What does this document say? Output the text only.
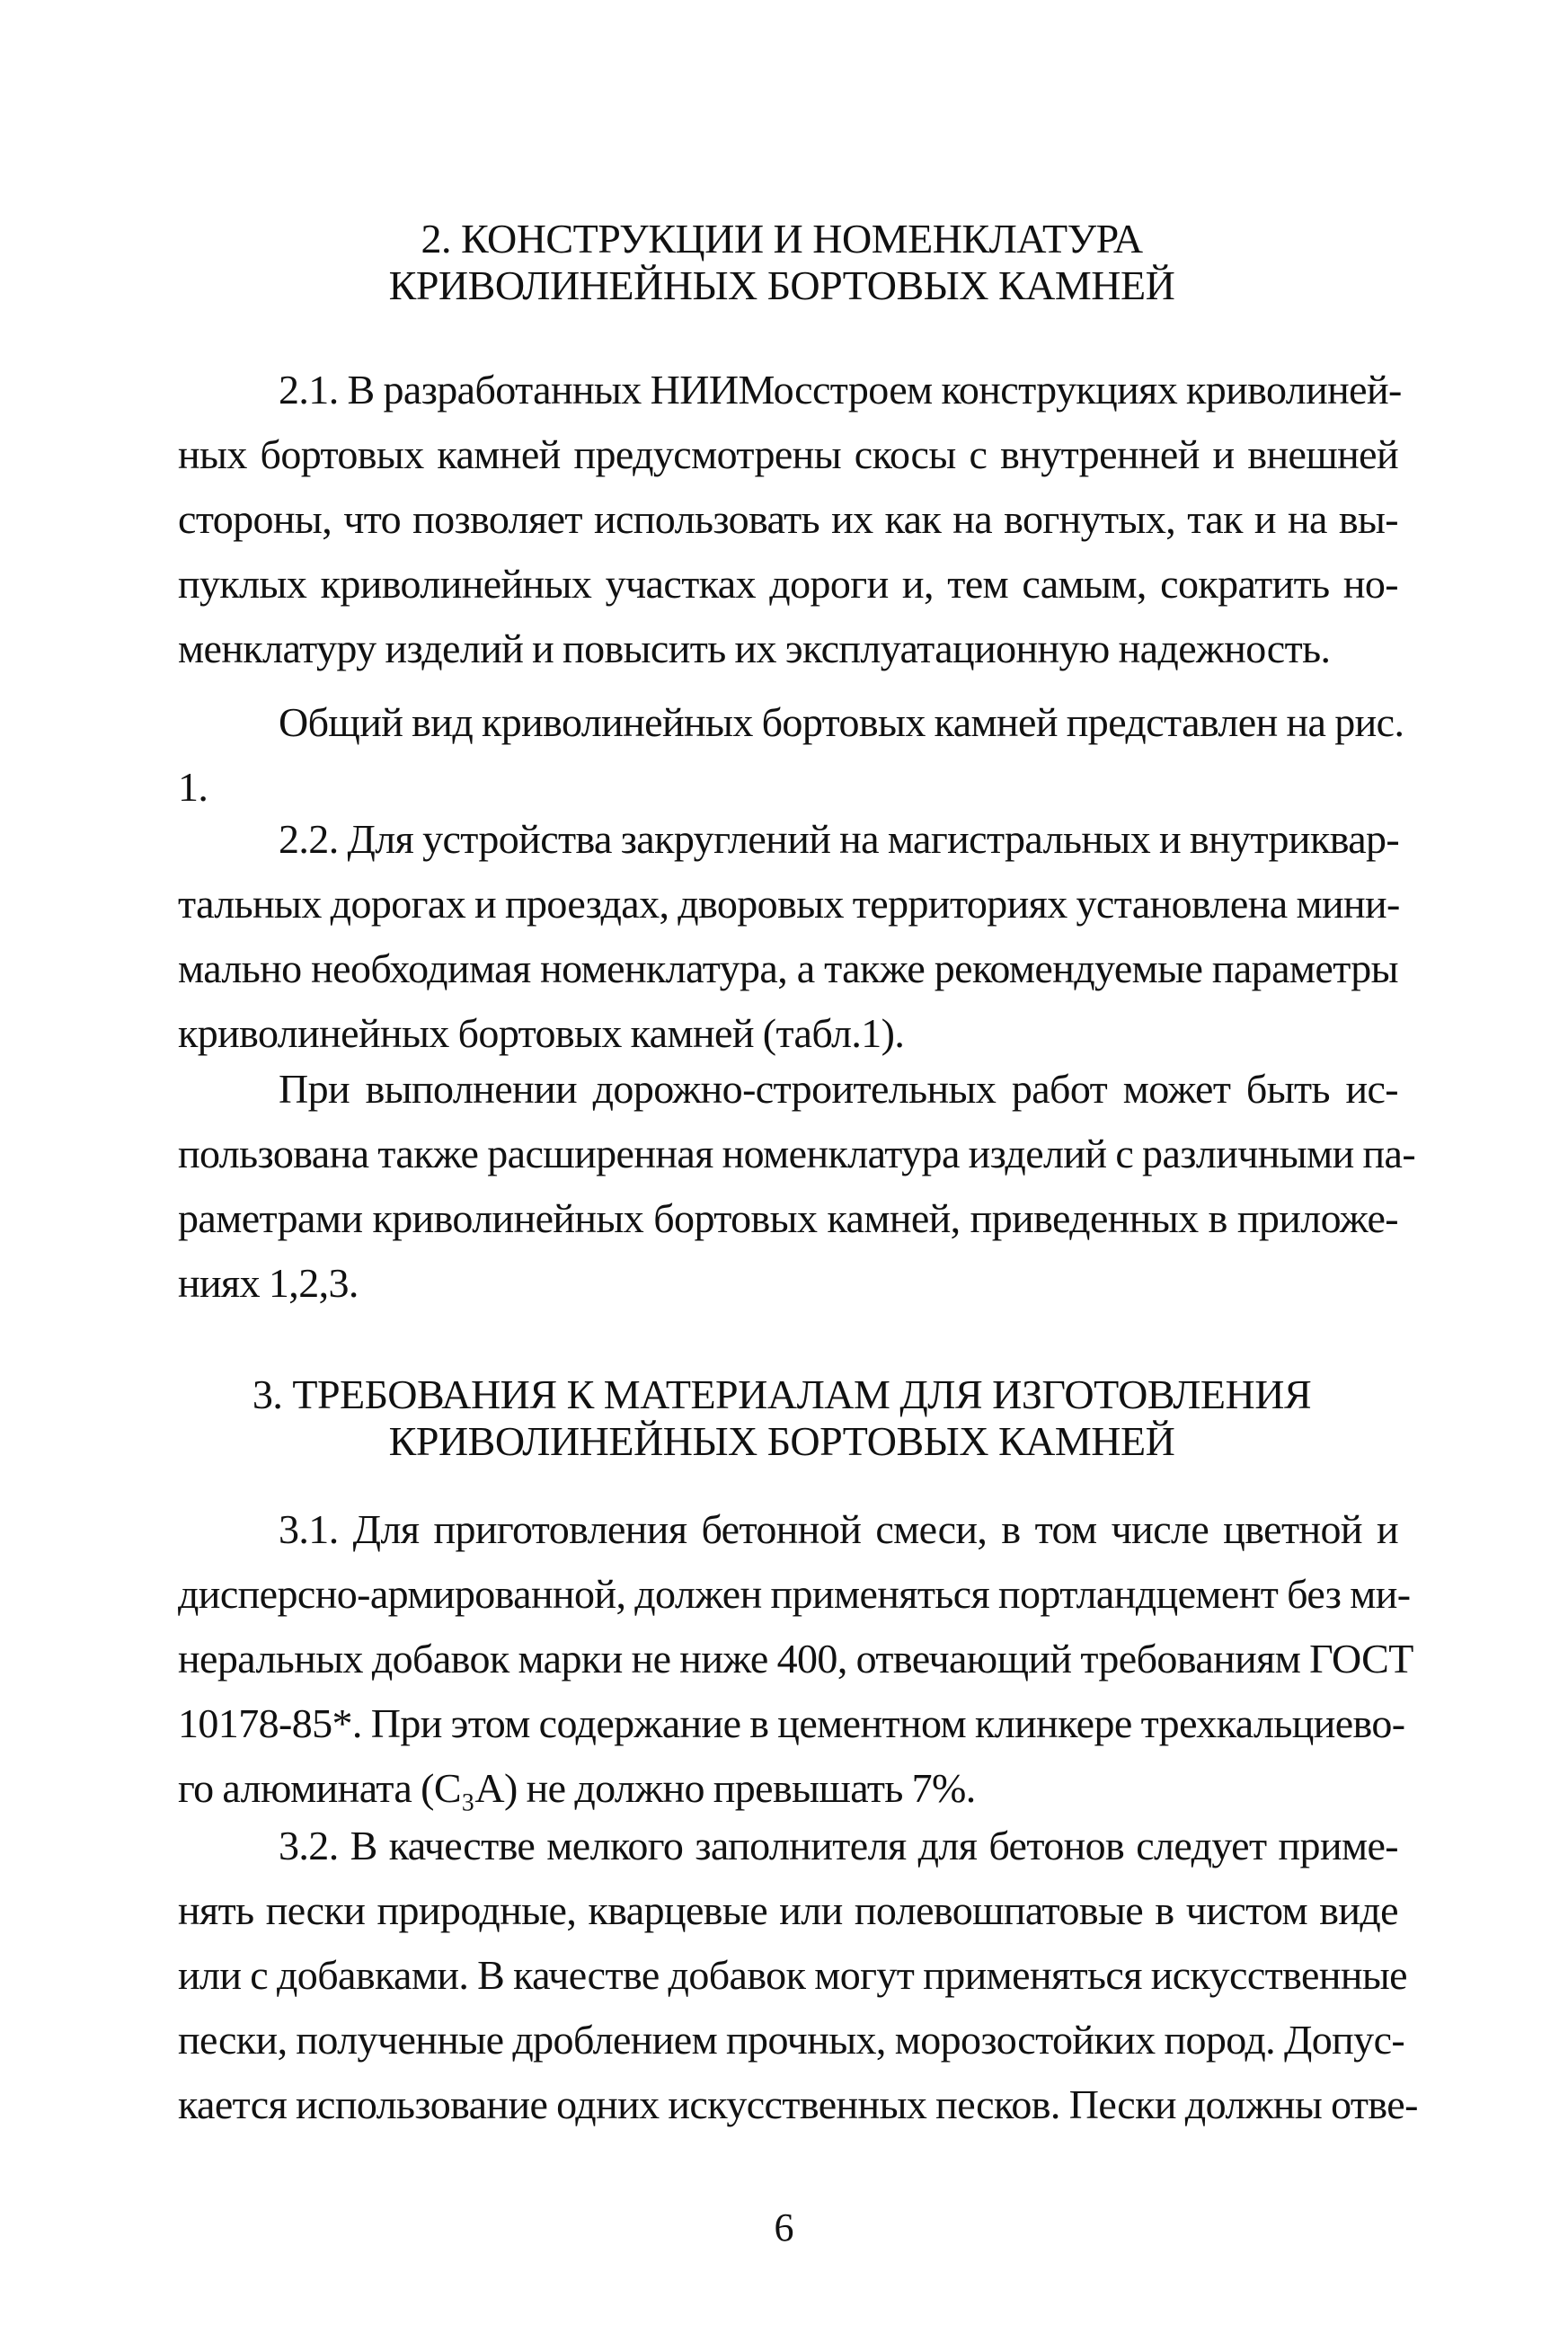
2. КОНСТРУКЦИИ И НОМЕНКЛАТУРА
КРИВОЛИНЕЙНЫХ БОРТОВЫХ КАМНЕЙ
2.1. В разработанных НИИМосстроем конструкциях криволиней-
ных бортовых камней предусмотрены скосы с внутренней и внешней
стороны, что позволяет использовать их как на вогнутых, так и на вы-
пуклых криволинейных участках дороги и, тем самым, сократить но-
менклатуру изделий и повысить их эксплуатационную надежность.
Общий вид криволинейных бортовых камней представлен на рис.
1.
2.2. Для устройства закруглений на магистральных и внутриквар-
тальных дорогах и проездах, дворовых территориях установлена мини-
мально необходимая номенклатура, а также рекомендуемые параметры
криволинейных бортовых камней (табл.1).
При выполнении дорожно-строительных работ может быть ис-
пользована также расширенная номенклатура изделий с различными па-
раметрами криволинейных бортовых камней, приведенных в приложе-
ниях 1,2,3.
3. ТРЕБОВАНИЯ К МАТЕРИАЛАМ ДЛЯ ИЗГОТОВЛЕНИЯ
КРИВОЛИНЕЙНЫХ БОРТОВЫХ КАМНЕЙ
3.1. Для приготовления бетонной смеси, в том числе цветной и
дисперсно-армированной, должен применяться портландцемент без ми-
неральных добавок марки не ниже 400, отвечающий требованиям ГОСТ
10178-85*. При этом содержание в цементном клинкере трехкальциево-
го алюмината (C₃A) не должно превышать 7%.
3.2. В качестве мелкого заполнителя для бетонов следует приме-
нять пески природные, кварцевые или полевошпатовые в чистом виде
или с добавками. В качестве добавок могут применяться искусственные
пески, полученные дроблением прочных, морозостойких пород. Допус-
кается использование одних искусственных песков. Пески должны отве-
6
